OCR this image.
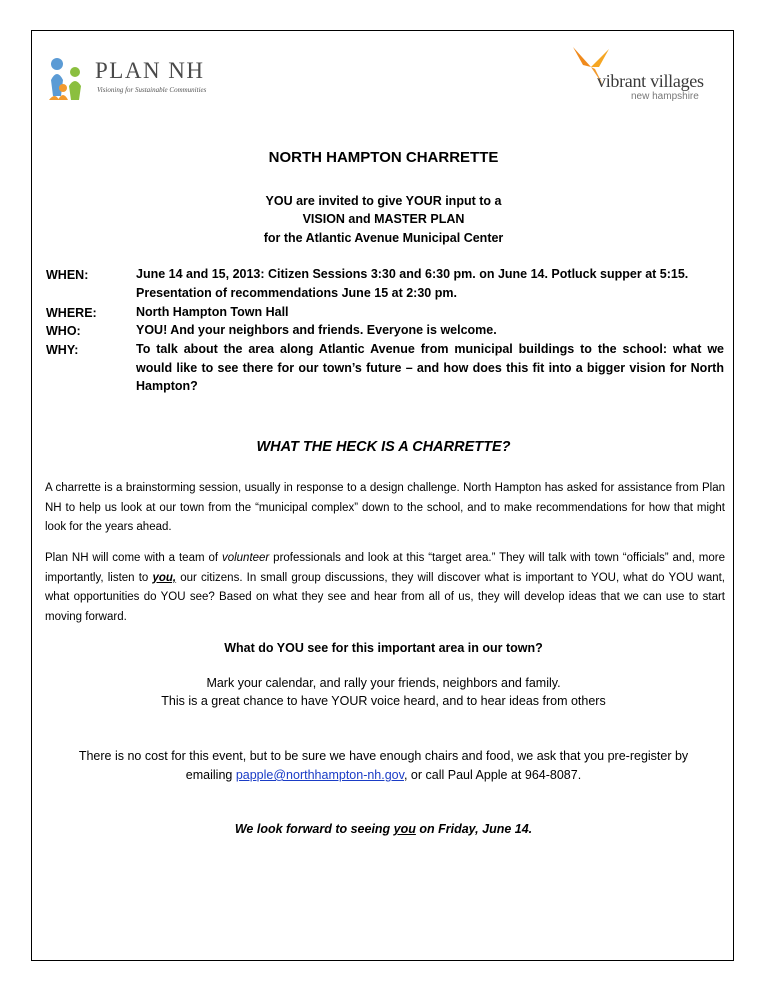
PLAN NH
Visioning for Sustainable Communities	vibrant villages
new hampshire
NORTH HAMPTON CHARRETTE
YOU are invited to give YOUR input to a
VISION and MASTER PLAN
for the Atlantic Avenue Municipal Center
WHEN:	June 14 and 15, 2013: Citizen Sessions 3:30 and 6:30 pm. on June 14. Potluck supper at 5:15.
Presentation of recommendations June 15 at 2:30 pm.
WHERE:	North Hampton Town Hall
WHO:	YOU! And your neighbors and friends. Everyone is welcome.
WHY:	To talk about the area along Atlantic Avenue from municipal buildings to the school: what we would like to see there for our town’s future – and how does this fit into a bigger vision for North Hampton?
WHAT THE HECK IS A CHARRETTE?
A charrette is a brainstorming session, usually in response to a design challenge. North Hampton has asked for assistance from Plan NH to help us look at our town from the “municipal complex” down to the school, and to make recommendations for how that might look for the years ahead.
Plan NH will come with a team of volunteer professionals and look at this “target area.” They will talk with town “officials” and, more importantly, listen to you, our citizens. In small group discussions, they will discover what is important to YOU, what do YOU want, what opportunities do YOU see? Based on what they see and hear from all of us, they will develop ideas that we can use to start moving forward.
What do YOU see for this important area in our town?
Mark your calendar, and rally your friends, neighbors and family.
This is a great chance to have YOUR voice heard, and to hear ideas from others
There is no cost for this event, but to be sure we have enough chairs and food, we ask that you pre-register by
emailing papple@northhampton-nh.gov, or call Paul Apple at 964-8087.
We look forward to seeing you on Friday, June 14.
